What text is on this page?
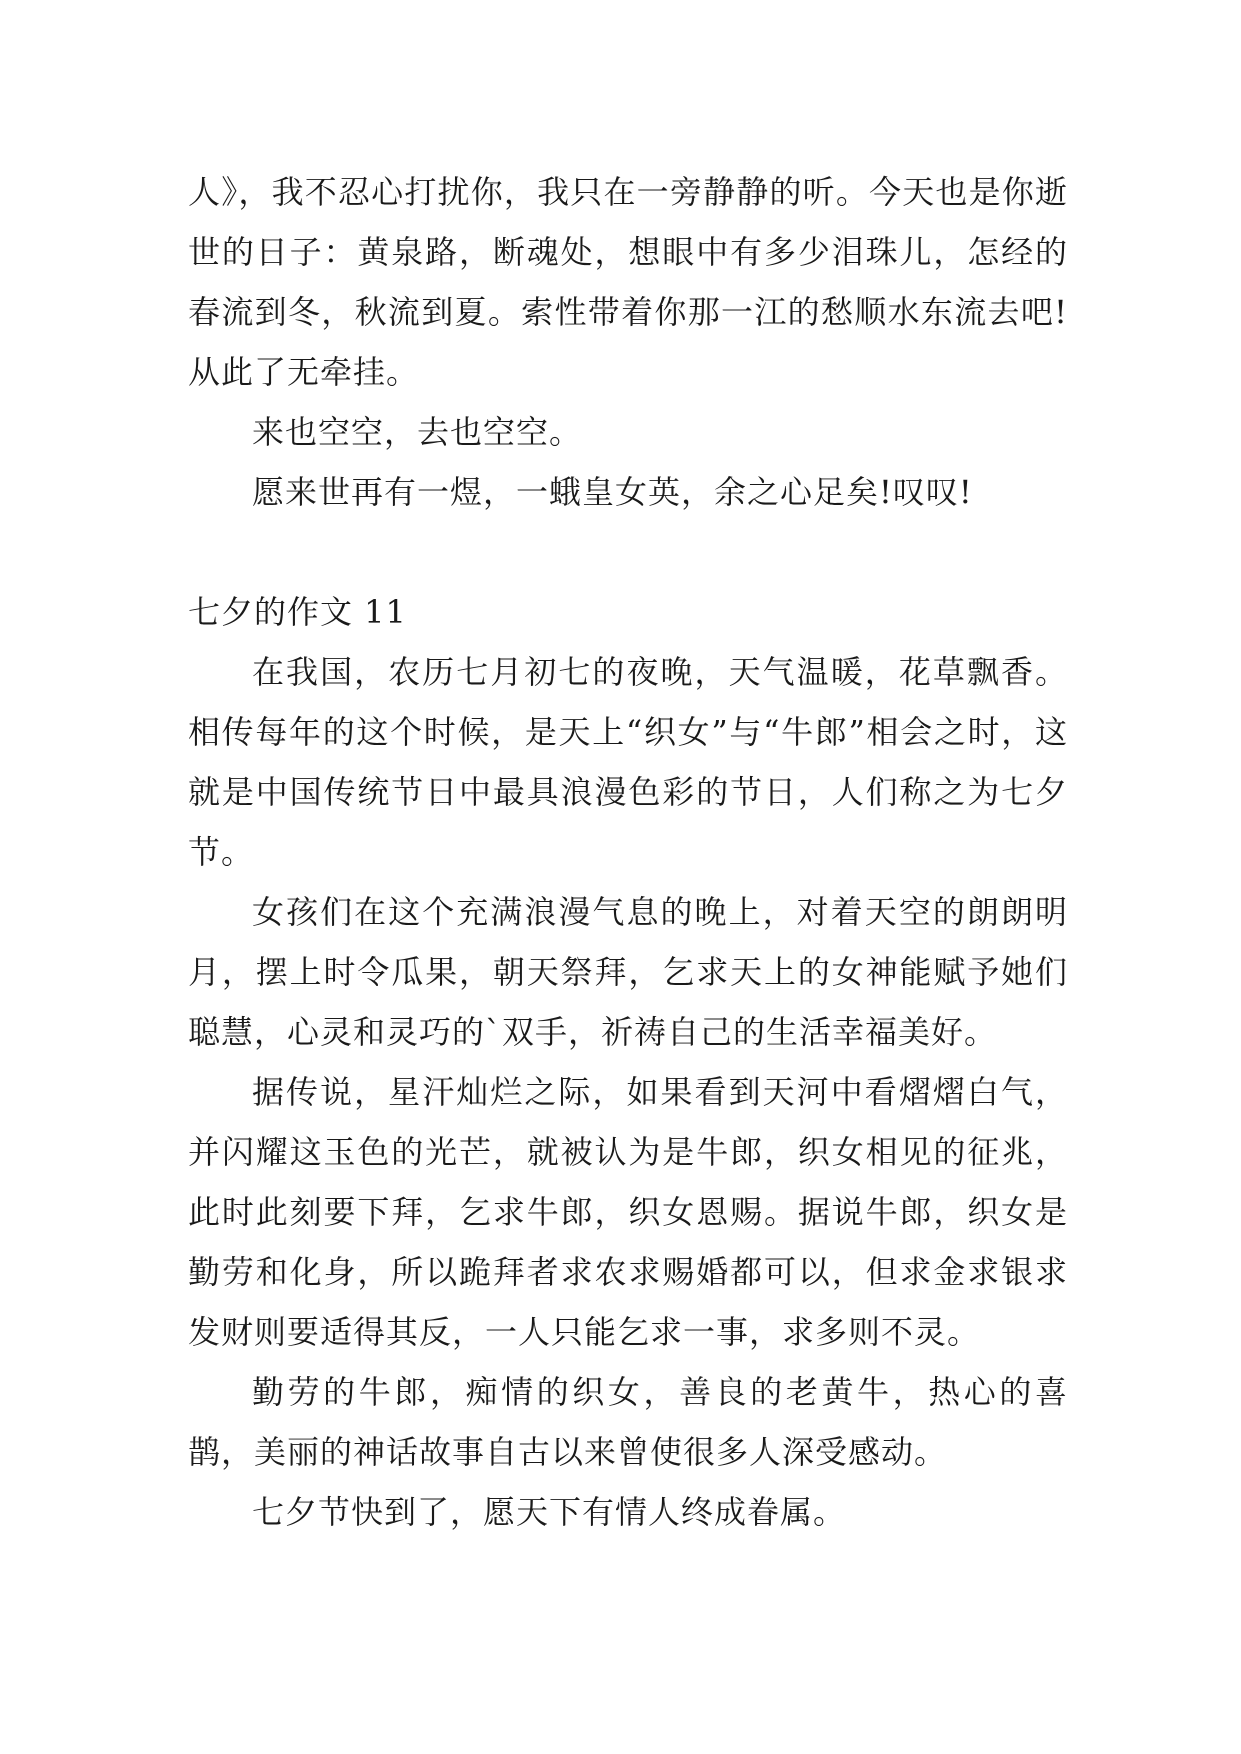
人》，我不忍心打扰你，我只在一旁静静的听。今天也是你逝世的日子：黄泉路，断魂处，想眼中有多少泪珠儿，怎经的春流到冬，秋流到夏。索性带着你那一江的愁顺水东流去吧!从此了无牵挂。

来也空空，去也空空。

愿来世再有一煜，一蛾皇女英，余之心足矣!叹叹!

七夕的作文 11

在我国，农历七月初七的夜晚，天气温暖，花草飘香。相传每年的这个时候，是天上“织女”与“牛郎”相会之时，这就是中国传统节日中最具浪漫色彩的节日，人们称之为七夕节。

女孩们在这个充满浪漫气息的晚上，对着天空的朗朗明月，摆上时令瓜果，朝天祭拜，乞求天上的女神能赋予她们聪慧，心灵和灵巧的`双手，祈祷自己的生活幸福美好。

据传说，星汗灿烂之际，如果看到天河中看熠熠白气，并闪耀这玉色的光芒，就被认为是牛郎，织女相见的征兆，此时此刻要下拜，乞求牛郎，织女恩赐。据说牛郎，织女是勤劳和化身，所以跪拜者求农求赐婚都可以，但求金求银求发财则要适得其反，一人只能乞求一事，求多则不灵。

勤劳的牛郎，痴情的织女，善良的老黄牛，热心的喜鹊，美丽的神话故事自古以来曾使很多人深受感动。

七夕节快到了，愿天下有情人终成眷属。
